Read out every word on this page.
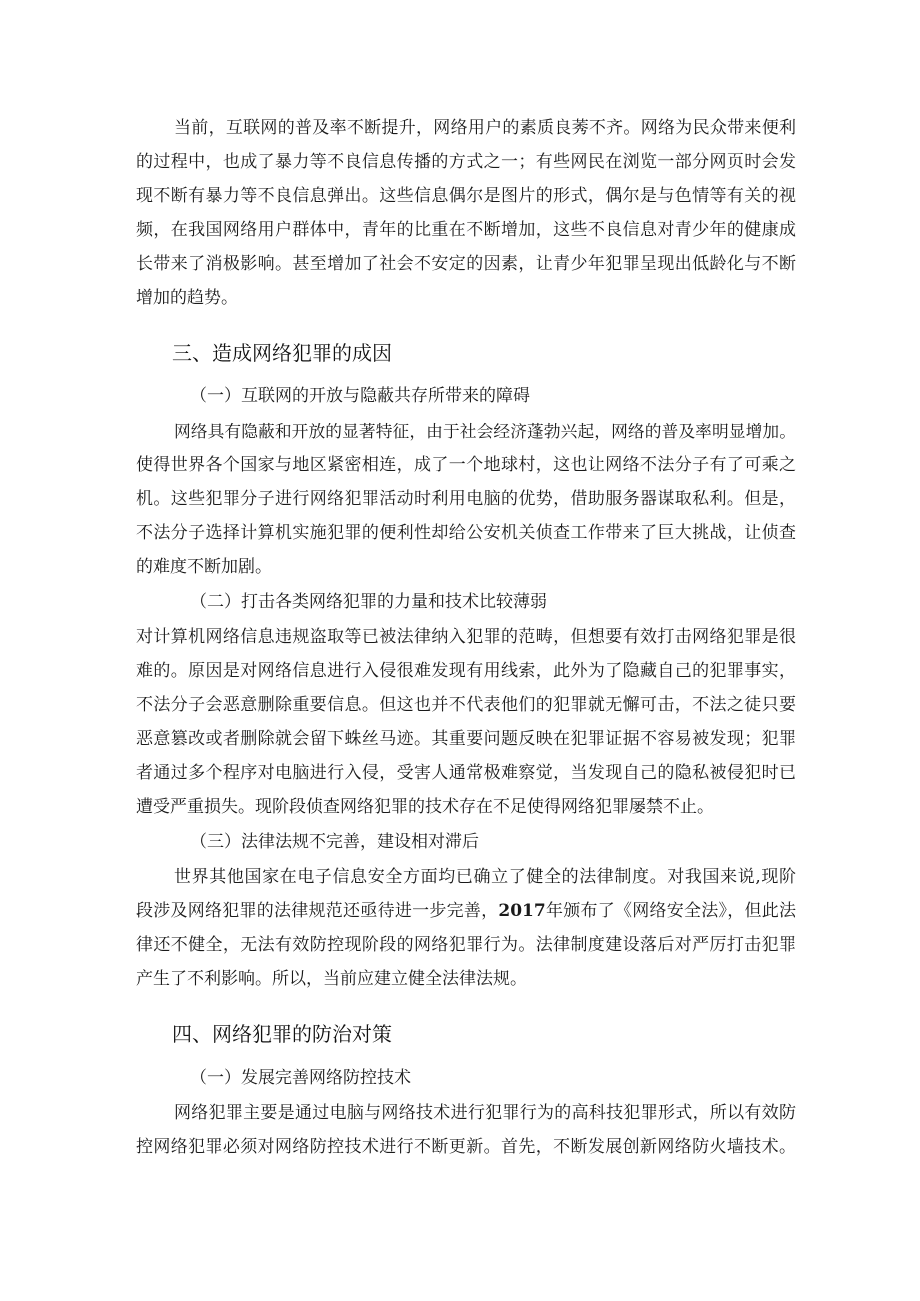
当前，互联网的普及率不断提升，网络用户的素质良莠不齐。网络为民众带来便利
的过程中，也成了暴力等不良信息传播的方式之一；有些网民在浏览一部分网页时会发
现不断有暴力等不良信息弹出。这些信息偶尔是图片的形式，偶尔是与色情等有关的视
频，在我国网络用户群体中，青年的比重在不断增加，这些不良信息对青少年的健康成
长带来了消极影响。甚至增加了社会不安定的因素，让青少年犯罪呈现出低龄化与不断
增加的趋势。
三、造成网络犯罪的成因
（一）互联网的开放与隐蔽共存所带来的障碍
网络具有隐蔽和开放的显著特征，由于社会经济蓬勃兴起，网络的普及率明显增加。
使得世界各个国家与地区紧密相连，成了一个地球村，这也让网络不法分子有了可乘之
机。这些犯罪分子进行网络犯罪活动时利用电脑的优势，借助服务器谋取私利。但是，
不法分子选择计算机实施犯罪的便利性却给公安机关侦查工作带来了巨大挑战，让侦查
的难度不断加剧。
（二）打击各类网络犯罪的力量和技术比较薄弱
对计算机网络信息违规盗取等已被法律纳入犯罪的范畴，但想要有效打击网络犯罪是很
难的。原因是对网络信息进行入侵很难发现有用线索，此外为了隐藏自己的犯罪事实，
不法分子会恶意删除重要信息。但这也并不代表他们的犯罪就无懈可击，不法之徒只要
恶意篡改或者删除就会留下蛛丝马迹。其重要问题反映在犯罪证据不容易被发现；犯罪
者通过多个程序对电脑进行入侵，受害人通常极难察觉，当发现自己的隐私被侵犯时已
遭受严重损失。现阶段侦查网络犯罪的技术存在不足使得网络犯罪屡禁不止。
（三）法律法规不完善，建设相对滞后
世界其他国家在电子信息安全方面均已确立了健全的法律制度。对我国来说,现阶
段涉及网络犯罪的法律规范还亟待进一步完善，2017年颁布了《网络安全法》，但此法
律还不健全，无法有效防控现阶段的网络犯罪行为。法律制度建设落后对严厉打击犯罪
产生了不利影响。所以，当前应建立健全法律法规。
四、网络犯罪的防治对策
（一）发展完善网络防控技术
网络犯罪主要是通过电脑与网络技术进行犯罪行为的高科技犯罪形式，所以有效防
控网络犯罪必须对网络防控技术进行不断更新。首先，不断发展创新网络防火墙技术。
